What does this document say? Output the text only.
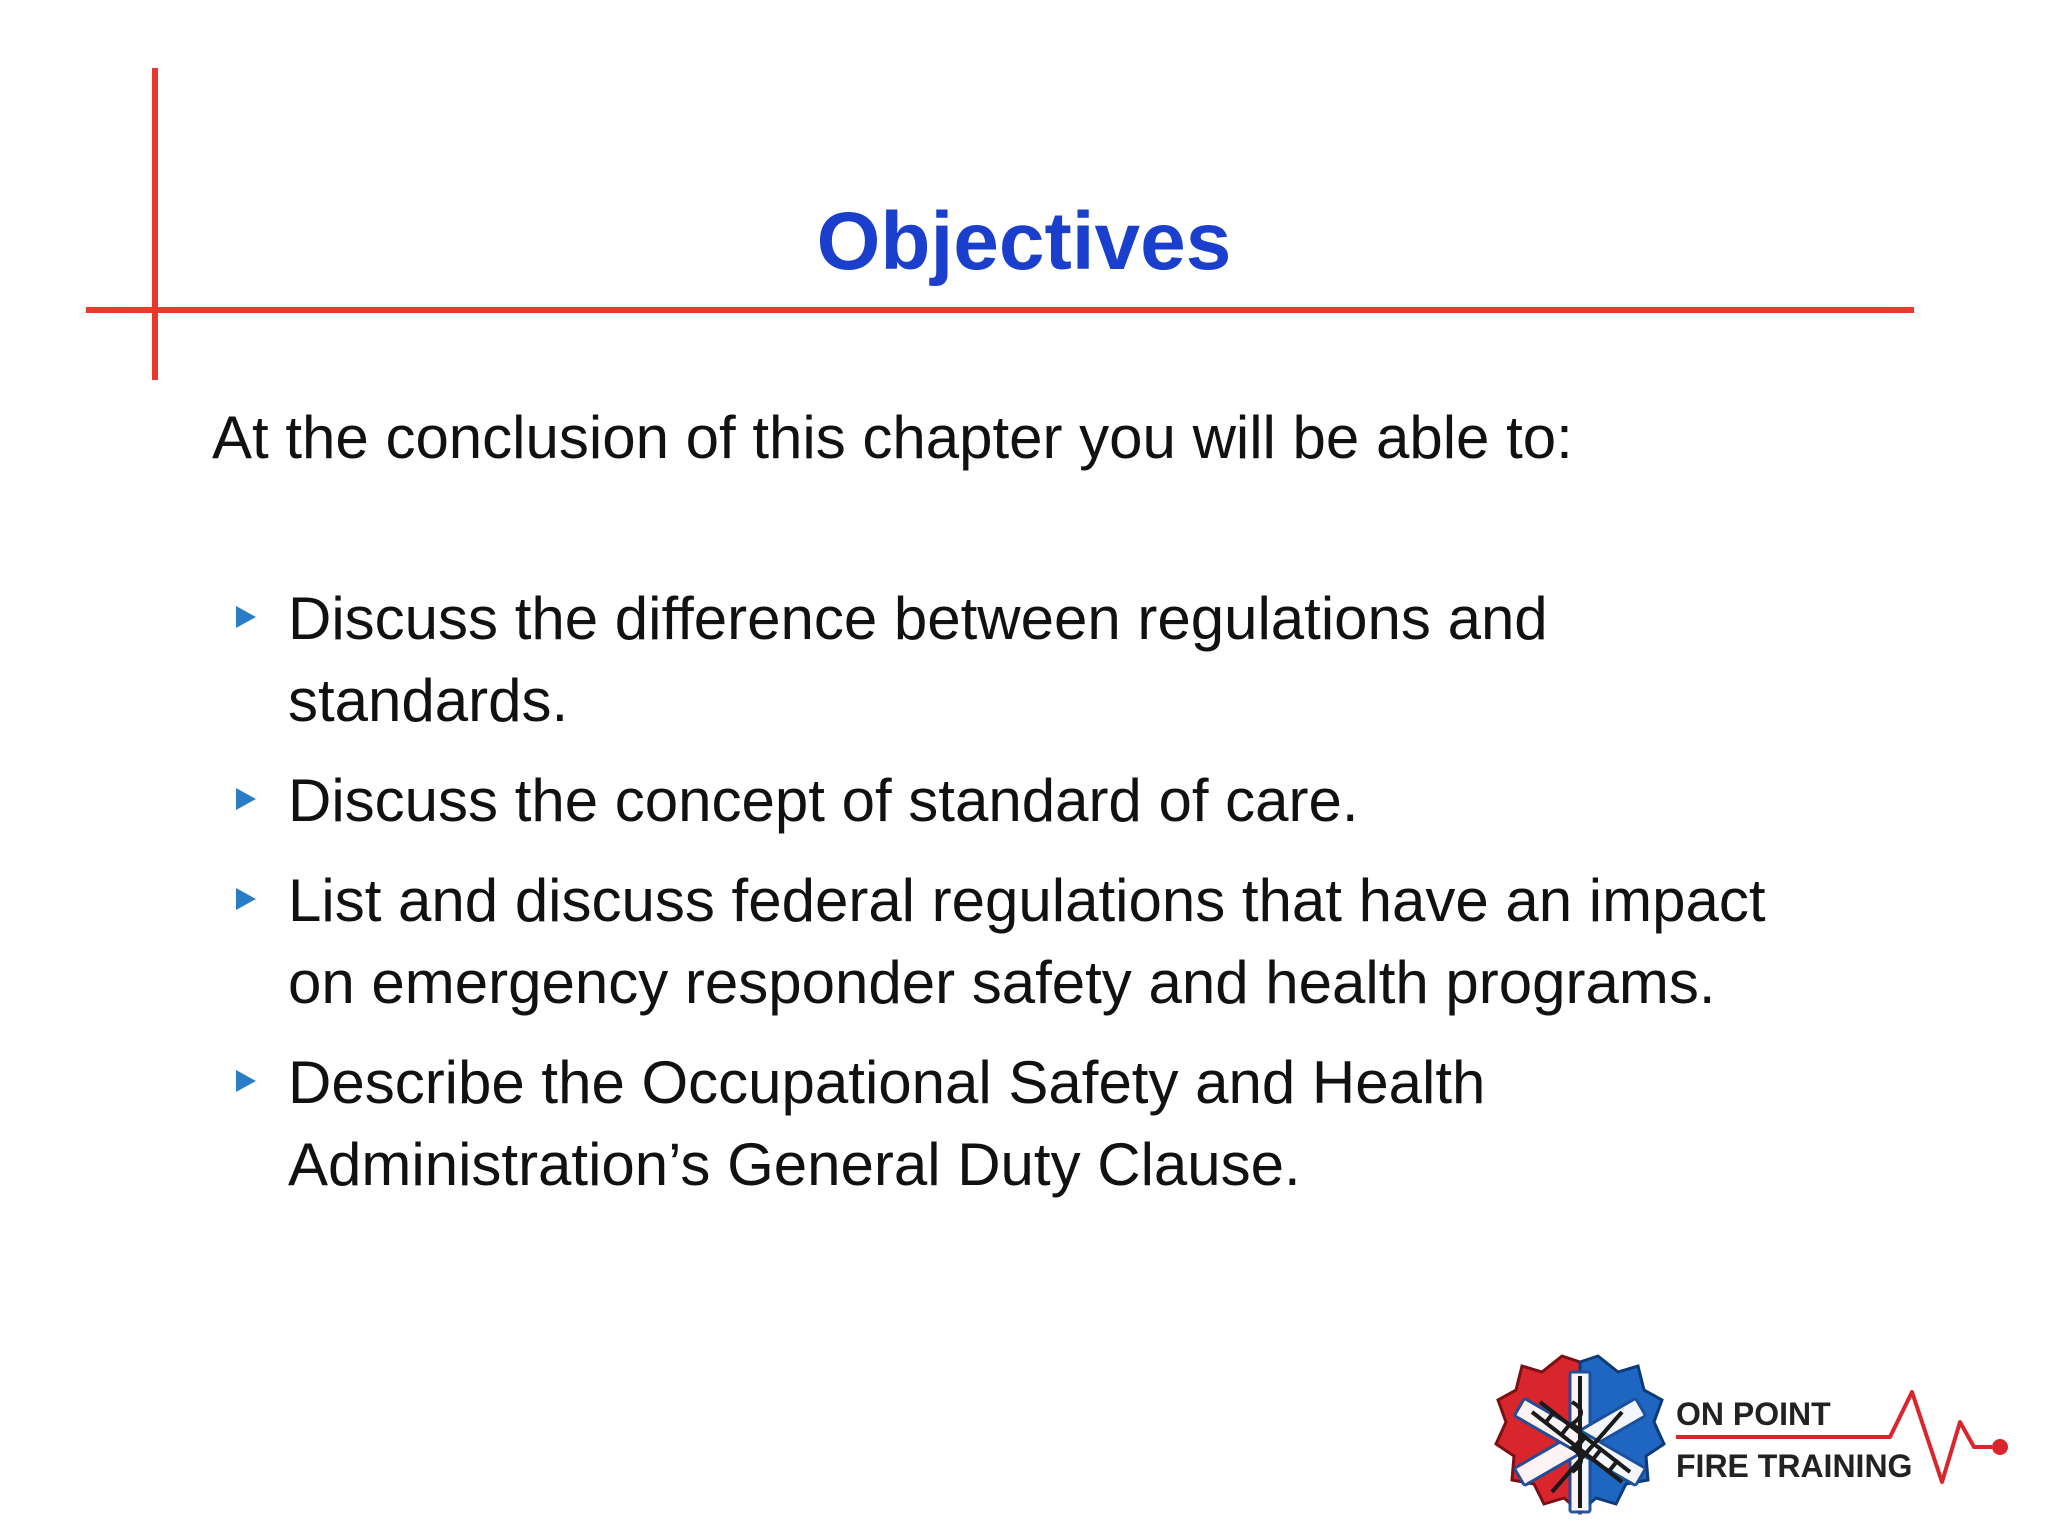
Objectives

At the conclusion of this chapter you will be able to:

Discuss the difference between regulations and standards.
Discuss the concept of standard of care.
List and discuss federal regulations that have an impact on emergency responder safety and health programs.
Describe the Occupational Safety and Health Administration’s General Duty Clause.
ON POINT
FIRE TRAINING
